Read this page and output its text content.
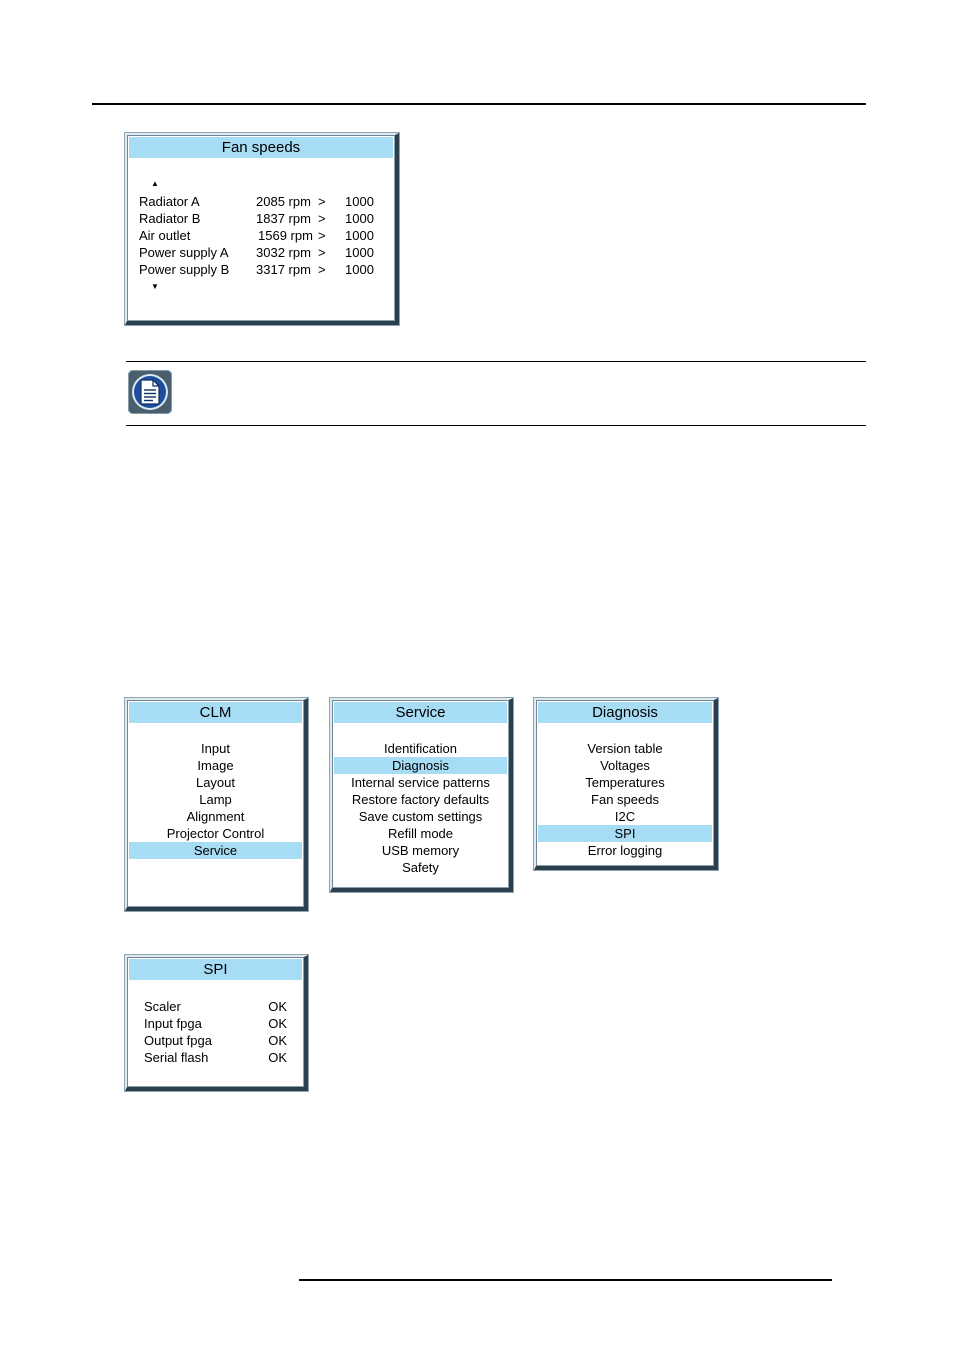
Fan speeds
▲
Radiator A	2085 rpm > 1000
Radiator B	1837 rpm > 1000
Air outlet	1569 rpm > 1000
Power supply A 3032 rpm > 1000
Power supply B 3317 rpm > 1000
▼
CLM
Input
Image
Layout
Lamp
Alignment
Projector Control
Service
Service
Identification
Diagnosis
Internal service patterns
Restore factory defaults
Save custom settings
Refill mode
USB memory
Safety
Diagnosis
Version table
Voltages
Temperatures
Fan speeds
I2C
SPI
Error logging
SPI
Scaler	OK
Input fpga	OK
Output fpga	OK
Serial flash	OK
